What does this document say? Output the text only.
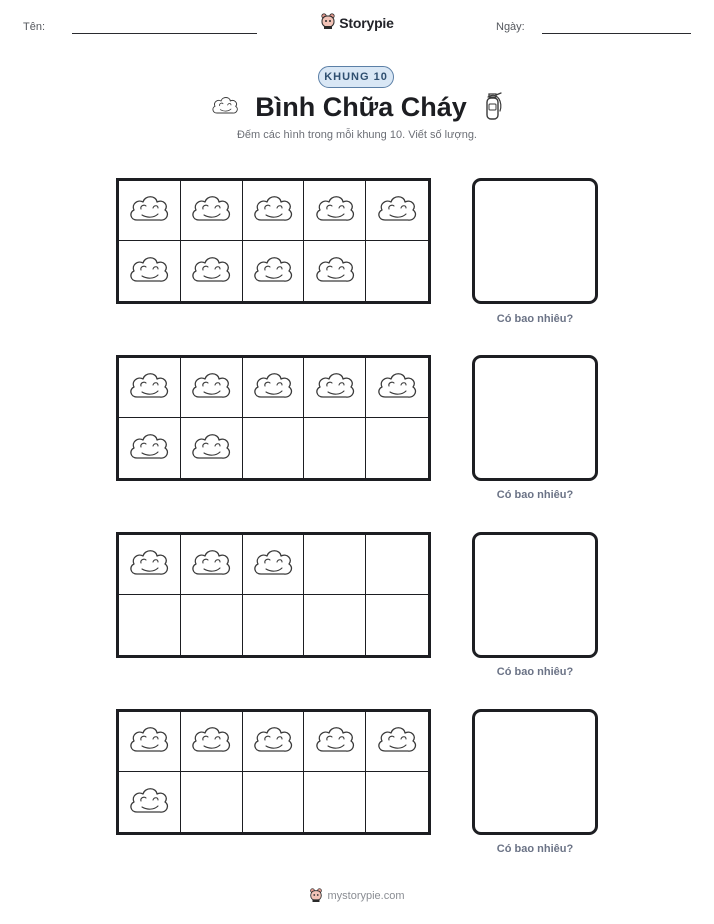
Tên:	Storypie	Ngày:
KHUNG 10
Bình Chữa Cháy
Đếm các hình trong mỗi khung 10. Viết số lượng.
Có bao nhiêu?
Có bao nhiêu?
Có bao nhiêu?
Có bao nhiêu?
mystorypie.com
